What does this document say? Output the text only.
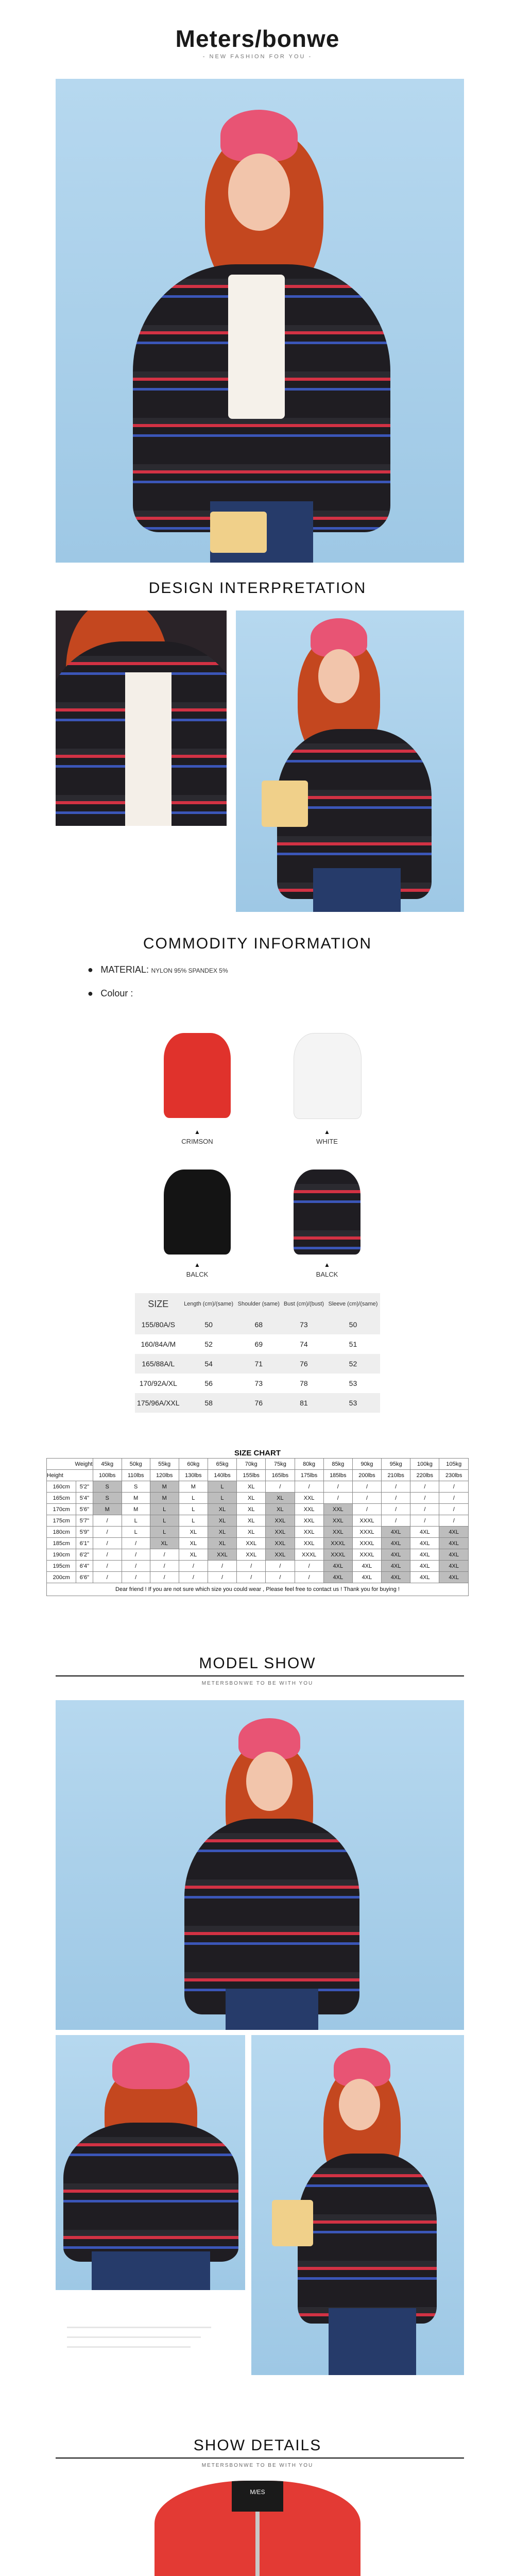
Meters/bonwe
- NEW FASHION FOR YOU -
DESIGN INTERPRETATION
COMMODITY INFORMATION
●   MATERIAL: NYLON 95% SPANDEX 5%
●   Colour :
▲
CRIMSON
▲
WHITE
▲
BALCK
▲
BALCK
SIZE	Length (cm)/(same)	Shoulder (same)	Bust (cm)/(bust)	Sleeve (cm)/(same)
155/80A/S	50	68	73	50
160/84A/M	52	69	74	51
165/88A/L	54	71	76	52
170/92A/XL	56	73	78	53
175/96A/XXL	58	76	81	53
SIZE CHART
Weight		45kg	50kg	55kg	60kg	65kg	70kg	75kg	80kg	85kg	90kg	95kg	100kg	105kg
Height		100lbs	110lbs	120lbs	130lbs	140lbs	155lbs	165lbs	175lbs	185lbs	200lbs	210lbs	220lbs	230lbs
160cm	5'2"	S	S	M	M	L	XL	/	/	/	/	/	/	/
165cm	5'4"	S	M	M	L	L	XL	XL	XXL	/	/	/	/	/
170cm	5'6"	M	M	L	L	XL	XL	XL	XXL	XXL	/	/	/	/
175cm	5'7"	/	L	L	L	XL	XL	XXL	XXL	XXL	XXXL	/	/	/
180cm	5'9"	/	L	L	XL	XL	XL	XXL	XXL	XXL	XXXL	4XL	4XL	4XL
185cm	6'1"	/	/	XL	XL	XL	XXL	XXL	XXL	XXXL	XXXL	4XL	4XL	4XL
190cm	6'2"	/	/	/	XL	XXL	XXL	XXL	XXXL	XXXL	XXXL	4XL	4XL	4XL
195cm	6'4"	/	/	/	/	/	/	/	/	4XL	4XL	4XL	4XL	4XL
200cm	6'6"	/	/	/	/	/	/	/	/	4XL	4XL	4XL	4XL	4XL
Dear friend ! If you are not sure which size you could wear , Please feel free to contact us ! Thank you for buying !														
MODEL SHOW
METERSBONWE TO BE WITH YOU
SHOW DETAILS
METERSBONWE TO BE WITH YOU
M/ES
